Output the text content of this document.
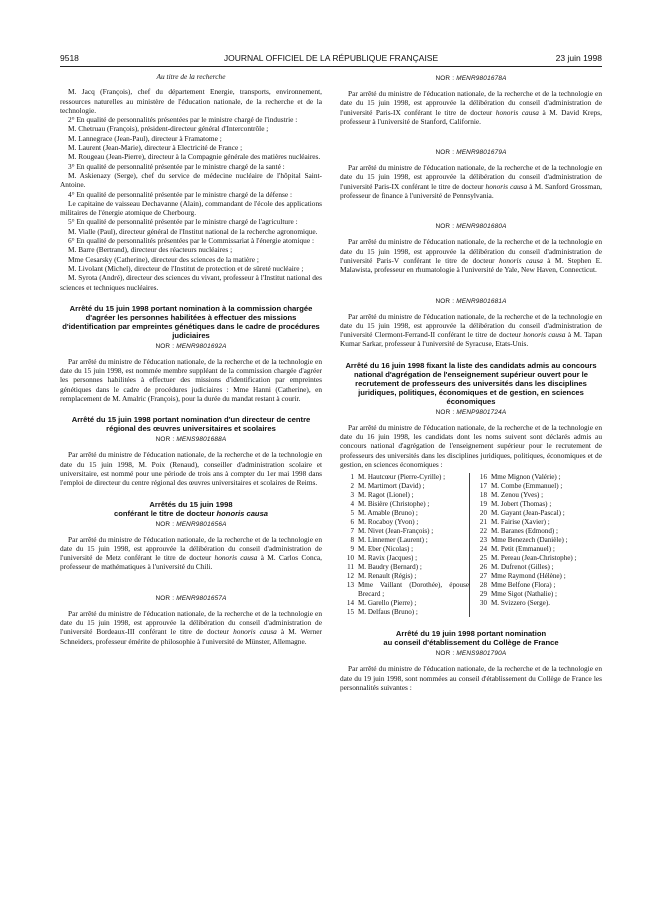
9518	JOURNAL OFFICIEL DE LA RÉPUBLIQUE FRANÇAISE	23 juin 1998

Au titre de la recherche

M. Jacq (François), chef du département Energie, transports, environnement, ressources naturelles au ministère de l'éducation nationale, de la recherche et de la technologie.

2° En qualité de personnalités présentées par le ministre chargé de l'industrie :

M. Chetruau (François), président-directeur général d'Intercontrôle ;

M. Lannegrace (Jean-Paul), directeur à Framatome ;

M. Laurent (Jean-Marie), directeur à Electricité de France ;

M. Rougeau (Jean-Pierre), directeur à la Compagnie générale des matières nucléaires.

3° En qualité de personnalité présentée par le ministre chargé de la santé :

M. Askienazy (Serge), chef du service de médecine nucléaire de l'hôpital Saint-Antoine.

4° En qualité de personnalité présentée par le ministre chargé de la défense :

Le capitaine de vaisseau Dechavanne (Alain), commandant de l'école des applications militaires de l'énergie atomique de Cherbourg.

5° En qualité de personnalité présentée par le ministre chargé de l'agriculture :

M. Vialle (Paul), directeur général de l'Institut national de la recherche agronomique.

6° En qualité de personnalités présentées par le Commissariat à l'énergie atomique :

M. Barre (Bertrand), directeur des réacteurs nucléaires ;

Mme Cesarsky (Catherine), directeur des sciences de la matière ;

M. Livolant (Michel), directeur de l'Institut de protection et de sûreté nucléaire ;

M. Syrota (André), directeur des sciences du vivant, professeur à l'Institut national des sciences et techniques nucléaires.

Arrêté du 15 juin 1998 portant nomination à la commission chargée d'agréer les personnes habilitées à effectuer des missions d'identification par empreintes génétiques dans le cadre de procédures judiciaires

NOR : MENR9801692A

Par arrêté du ministre de l'éducation nationale, de la recherche et de la technologie en date du 15 juin 1998, est nommée membre suppléant de la commission chargée d'agréer les personnes habilitées à effectuer des missions d'identification par empreintes génétiques dans le cadre de procédures judiciaires : Mme Hanni (Catherine), en remplacement de M. Amalric (François), pour la durée du mandat restant à courir.

Arrêté du 15 juin 1998 portant nomination d'un directeur de centre régional des œuvres universitaires et scolaires

NOR : MENS9801688A

Par arrêté du ministre de l'éducation nationale, de la recherche et de la technologie en date du 15 juin 1998, M. Poix (Renaud), conseiller d'administration scolaire et universitaire, est nommé pour une période de trois ans à compter du 1er mai 1998 dans l'emploi de directeur du centre régional des œuvres universitaires et scolaires de Reims.

Arrêtés du 15 juin 1998
conférant le titre de docteur honoris causa

NOR : MENR9801656A

Par arrêté du ministre de l'éducation nationale, de la recherche et de la technologie en date du 15 juin 1998, est approuvée la délibération du conseil d'administration de l'université de Metz conférant le titre de docteur honoris causa à M. Carlos Conca, professeur de mathématiques à l'université du Chili.

NOR : MENR9801657A

Par arrêté du ministre de l'éducation nationale, de la recherche et de la technologie en date du 15 juin 1998, est approuvée la délibération du conseil d'administration de l'université Bordeaux-III conférant le titre de docteur honoris causa à M. Werner Schneiders, professeur émérite de philosophie à l'université de Münster, Allemagne.

NOR : MENR9801678A

Par arrêté du ministre de l'éducation nationale, de la recherche et de la technologie en date du 15 juin 1998, est approuvée la délibération du conseil d'administration de l'université Paris-IX conférant le titre de docteur honoris causa à M. David Kreps, professeur à l'université de Stanford, Californie.

NOR : MENR9801679A

Par arrêté du ministre de l'éducation nationale, de la recherche et de la technologie en date du 15 juin 1998, est approuvée la délibération du conseil d'administration de l'université Paris-IX conférant le titre de docteur honoris causa à M. Sanford Grossman, professeur de finance à l'université de Pennsylvania.

NOR : MENR9801680A

Par arrêté du ministre de l'éducation nationale, de la recherche et de la technologie en date du 15 juin 1998, est approuvée la délibération du conseil d'administration de l'université Paris-V conférant le titre de docteur honoris causa à M. Stephen E. Malawista, professeur en rhumatologie à l'université de Yale, New Haven, Connecticut.

NOR : MENR9801681A

Par arrêté du ministre de l'éducation nationale, de la recherche et de la technologie en date du 15 juin 1998, est approuvée la délibération du conseil d'administration de l'université Clermont-Ferrand-II conférant le titre de docteur honoris causa à M. Tapan Kumar Sarkar, professeur à l'université de Syracuse, Etats-Unis.

Arrêté du 16 juin 1998 fixant la liste des candidats admis au concours national d'agrégation de l'enseignement supérieur ouvert pour le recrutement de professeurs des universités dans les disciplines juridiques, politiques, économiques et de gestion, en sciences économiques

NOR : MENP9801724A

Par arrêté du ministre de l'éducation nationale, de la recherche et de la technologie en date du 16 juin 1998, les candidats dont les noms suivent sont déclarés admis au concours national d'agrégation de l'enseignement supérieur pour le recrutement de professeurs des universités dans les disciplines juridiques, politiques, économiques et de gestion, en sciences économiques :

1 M. Hautcœur (Pierre-Cyrille) ;
2 M. Martimort (David) ;
3 M. Ragot (Lionel) ;
4 M. Bisière (Christophe) ;
5 M. Amable (Bruno) ;
6 M. Rocaboy (Yvon) ;
7 M. Nivet (Jean-François) ;
8 M. Linnemer (Laurent) ;
9 M. Eber (Nicolas) ;
10 M. Ravix (Jacques) ;
11 M. Baudry (Bernard) ;
12 M. Renault (Régis) ;
13 Mme Vaillant (Dorothée), épouse Brecard ;
14 M. Garello (Pierre) ;
15 M. Delfaus (Bruno) ;
16 Mme Mignon (Valérie) ;
17 M. Combe (Emmanuel) ;
18 M. Zenou (Yves) ;
19 M. Jobert (Thomas) ;
20 M. Gayant (Jean-Pascal) ;
21 M. Fairise (Xavier) ;
22 M. Baranes (Edmond) ;
23 Mme Benezech (Danièle) ;
24 M. Petit (Emmanuel) ;
25 M. Pereau (Jean-Christophe) ;
26 M. Dufrenot (Gilles) ;
27 Mme Raymond (Hélène) ;
28 Mme Belfone (Flora) ;
29 Mme Sigot (Nathalie) ;
30 M. Svizzero (Serge).

Arrêté du 19 juin 1998 portant nomination
au conseil d'établissement du Collège de France

NOR : MENS9801790A

Par arrêté du ministre de l'éducation nationale, de la recherche et de la technologie en date du 19 juin 1998, sont nommées au conseil d'établissement du Collège de France les personnalités suivantes :
